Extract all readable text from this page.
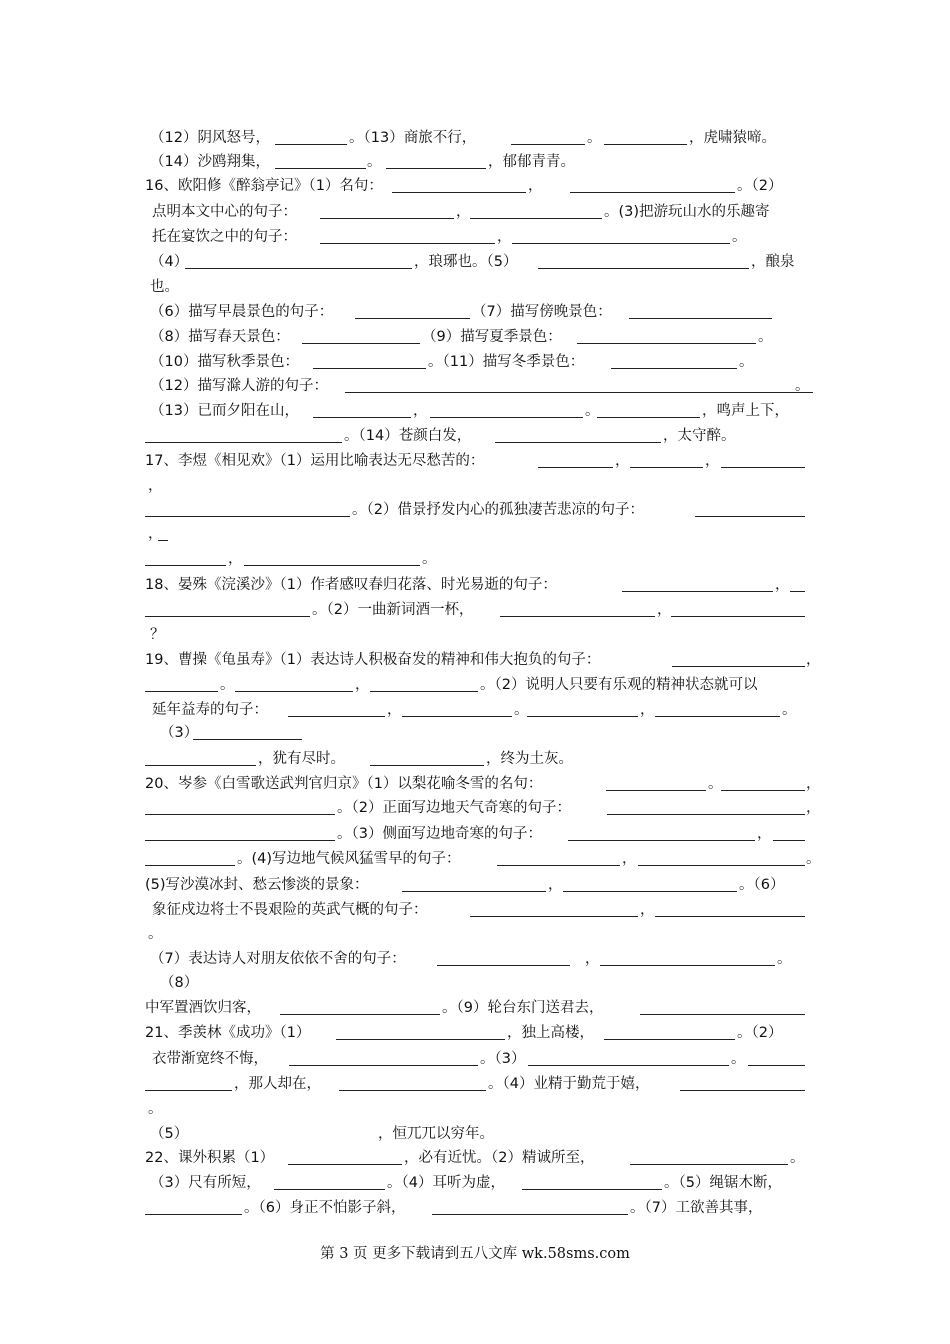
（12）阴风怒号，	。（13）商旅不行，	。	，虎啸猿啼。
（14）沙鸥翔集，	。	，郁郁青青。
16、欧阳修《醉翁亭记》（1）名句：	，	。（2）
点明本文中心的句子：	，	。(3)把游玩山水的乐趣寄
托在宴饮之中的句子：	，	。
（4）	，琅琊也。（5）	，酿泉
也。
（6）描写早晨景色的句子：	（7）描写傍晚景色：
（8）描写春天景色：	（9）描写夏季景色：	。
（10）描写秋季景色：	。（11）描写冬季景色：	。
（12）描写滁人游的句子：	。
（13）已而夕阳在山，	，	。	，鸣声上下，
。（14）苍颜白发，	，太守醉。
17、李煜《相见欢》（1）运用比喻表达无尽愁苦的：	，	，
，
。（2）借景抒发内心的孤独凄苦悲凉的句子：
，
，	。
18、晏殊《浣溪沙》（1）作者感叹春归花落、时光易逝的句子：	，
。（2）一曲新词酒一杯，	，
？
19、曹操《龟虽寿》（1）表达诗人积极奋发的精神和伟大抱负的句子：	，
。	，	。（2）说明人只要有乐观的精神状态就可以
延年益寿的句子：	，	。	，	。
（3）
，犹有尽时。	，终为土灰。
20、岑参《白雪歌送武判官归京》（1）以梨花喻冬雪的名句：	。	，
。（2）正面写边地天气奇寒的句子：	，
。（3）侧面写边地奇寒的句子：	，
。(4)写边地气候风猛雪早的句子：	，	。
(5)写沙漠冰封、愁云惨淡的景象：	，	。（6）
象征戍边将士不畏艰险的英武气概的句子：	，
。
（7）表达诗人对朋友依依不舍的句子：	，	。
（8）
中军置酒饮归客，	。（9）轮台东门送君去，
21、季羡林《成功》（1）	，独上高楼，	。（2）
衣带渐宽终不悔，	。（3）	。
，那人却在，	。（4）业精于勤荒于嬉，
。
（5）	，恒兀兀以穷年。
22、课外积累（1）	，必有近忧。（2）精诚所至，	。
（3）尺有所短，	。（4）耳听为虚，	。（5）绳锯木断，
。（6）身正不怕影子斜，	。（7）工欲善其事，
第 3 页 更多下载请到五八文库 wk.58sms.com
